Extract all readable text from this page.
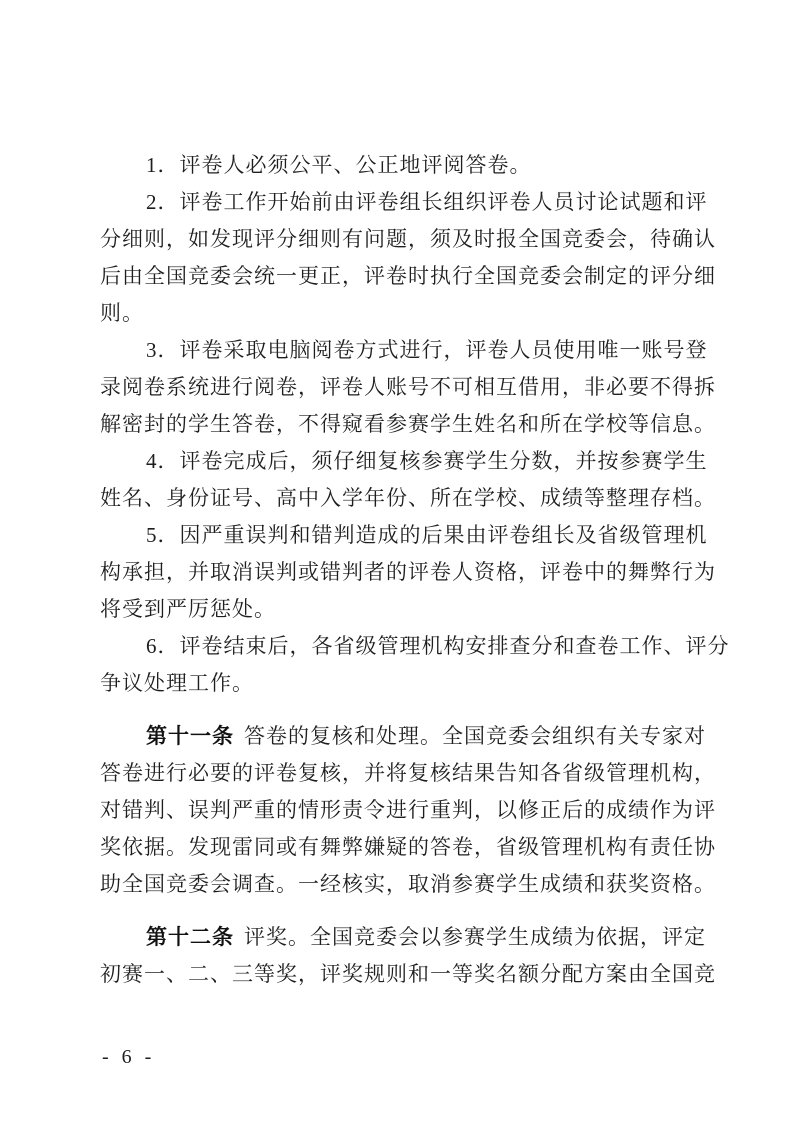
1．评卷人必须公平、公正地评阅答卷。
2．评卷工作开始前由评卷组长组织评卷人员讨论试题和评
分细则，如发现评分细则有问题，须及时报全国竞委会，待确认
后由全国竞委会统一更正，评卷时执行全国竞委会制定的评分细
则。
3．评卷采取电脑阅卷方式进行，评卷人员使用唯一账号登
录阅卷系统进行阅卷，评卷人账号不可相互借用，非必要不得拆
解密封的学生答卷，不得窥看参赛学生姓名和所在学校等信息。
4．评卷完成后，须仔细复核参赛学生分数，并按参赛学生
姓名、身份证号、高中入学年份、所在学校、成绩等整理存档。
5．因严重误判和错判造成的后果由评卷组长及省级管理机
构承担，并取消误判或错判者的评卷人资格，评卷中的舞弊行为
将受到严厉惩处。
6．评卷结束后，各省级管理机构安排查分和查卷工作、评分
争议处理工作。
第十一条 答卷的复核和处理。全国竞委会组织有关专家对
答卷进行必要的评卷复核，并将复核结果告知各省级管理机构，
对错判、误判严重的情形责令进行重判，以修正后的成绩作为评
奖依据。发现雷同或有舞弊嫌疑的答卷，省级管理机构有责任协
助全国竞委会调查。一经核实，取消参赛学生成绩和获奖资格。
第十二条 评奖。全国竞委会以参赛学生成绩为依据，评定
初赛一、二、三等奖，评奖规则和一等奖名额分配方案由全国竞
- 6 -
